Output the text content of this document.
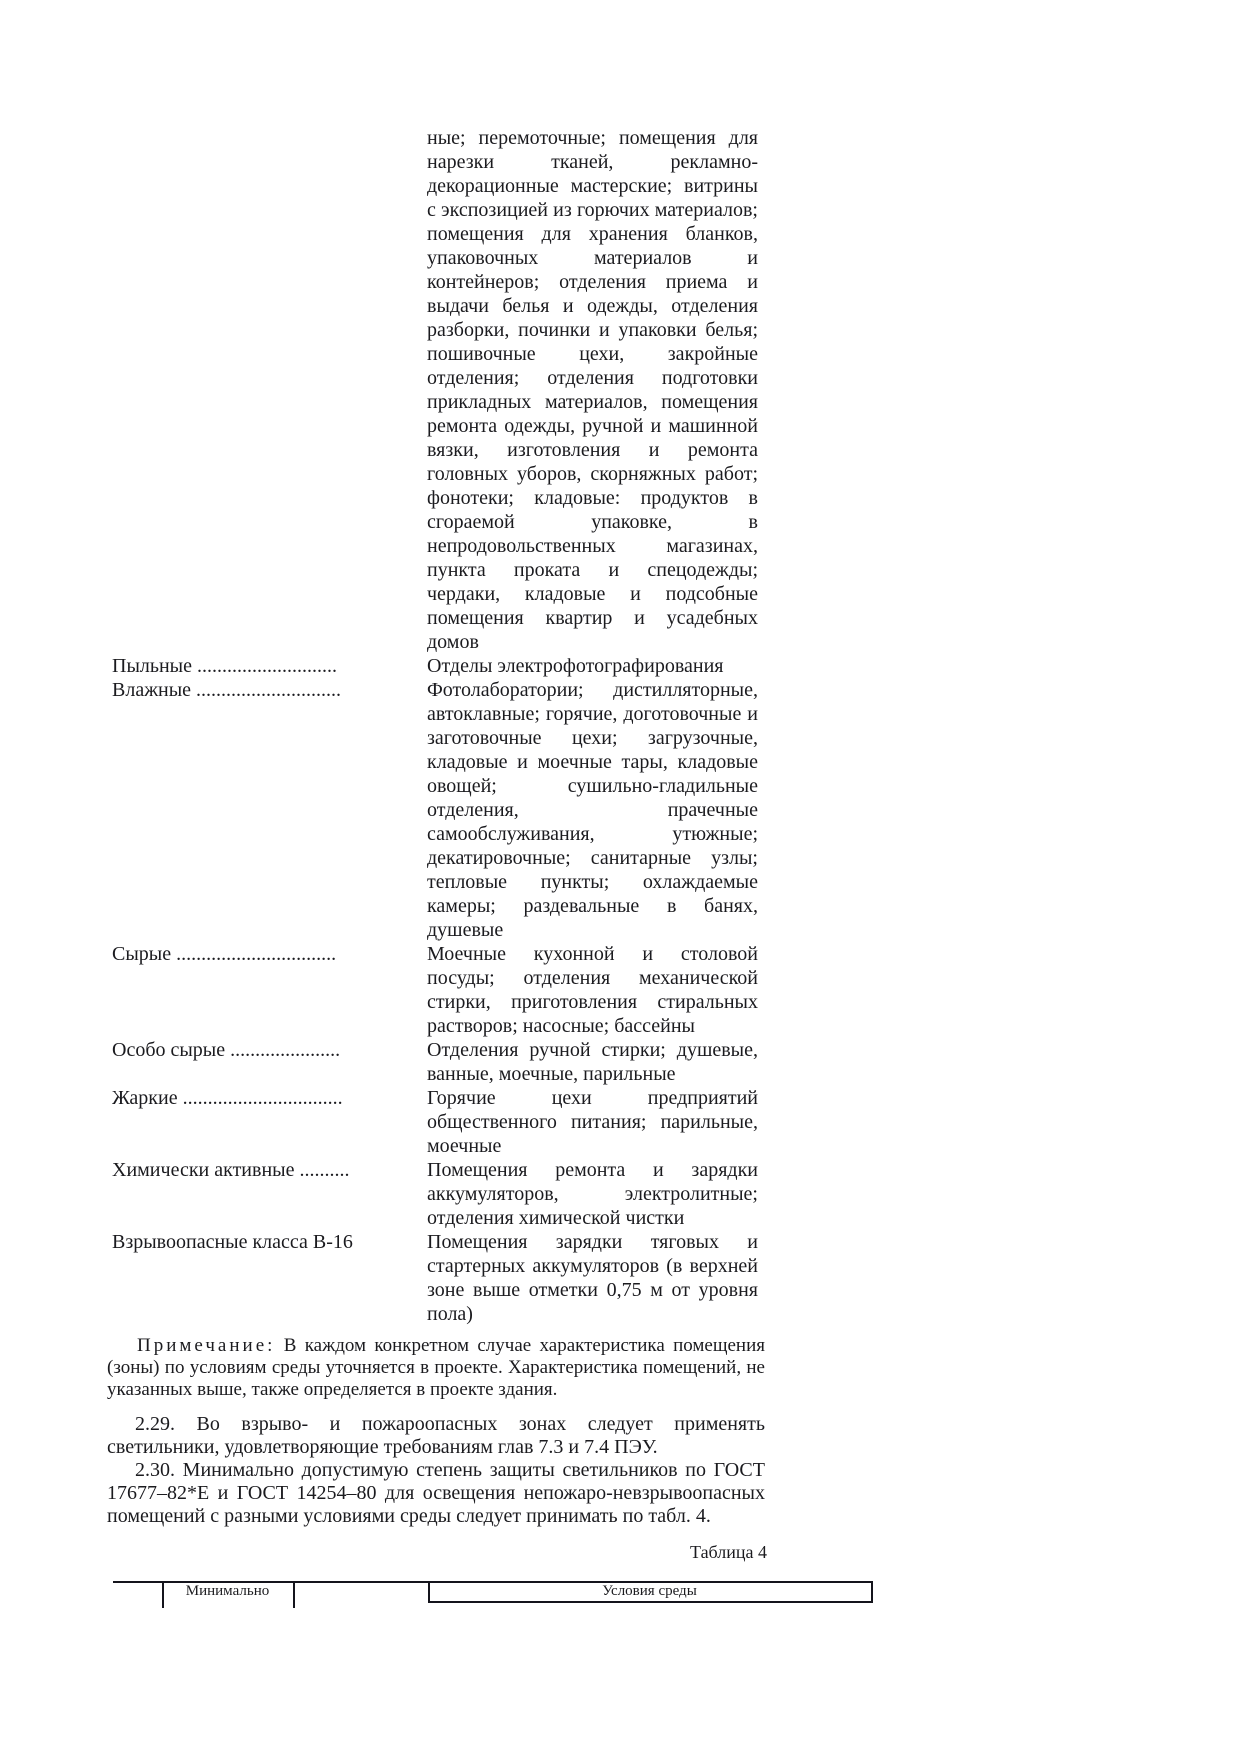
ные; перемоточные; помещения для нарезки тканей, рекламно-декорационные мастерские; витрины с экспозицией из горючих материалов; помещения для хранения бланков, упаковочных материалов и контейнеров; отделения приема и выдачи белья и одежды, отделения разборки, починки и упаковки белья; пошивочные цехи, закройные отделения; отделения подготовки прикладных материалов, помещения ремонта одежды, ручной и машинной вязки, изготовления и ремонта головных уборов, скорняжных работ; фонотеки; кладовые: продуктов в сгораемой упаковке, в непродовольственных магазинах, пункта проката и спецодежды; чердаки, кладовые и подсобные помещения квартир и усадебных домов
Пыльные ............................	Отделы электрофотографирования
Влажные .............................	Фотолаборатории; дистилляторные, автоклавные; горячие, доготовочные и заготовочные цехи; загрузочные, кладовые и моечные тары, кладовые овощей; сушильно-гладильные отделения, прачечные самообслуживания, утюжные; декатировочные; санитарные узлы; тепловые пункты; охлаждаемые камеры; раздевальные в банях, душевые
Сырые ................................	Моечные кухонной и столовой посуды; отделения механической стирки, приготовления стиральных растворов; насосные; бассейны
Особо сырые ......................	Отделения ручной стирки; душевые, ванные, моечные, парильные
Жаркие ................................	Горячие цехи предприятий общественного питания; парильные, моечные
Химически активные ..........	Помещения ремонта и зарядки аккумуляторов, электролитные; отделения химической чистки
Взрывоопасные класса В-16	Помещения зарядки тяговых и стартерных аккумуляторов (в верхней зоне выше отметки 0,75 м от уровня пола)

Примечание: В каждом конкретном случае характеристика помещения (зоны) по условиям среды уточняется в проекте. Характеристика помещений, не указанных выше, также определяется в проекте здания.

2.29. Во взрыво- и пожароопасных зонах следует применять светильники, удовлетворяющие требованиям глав 7.3 и 7.4 ПЭУ.

2.30. Минимально допустимую степень защиты светильников по ГОСТ 17677–82*Е и ГОСТ 14254–80 для освещения непожаро-невзрывоопасных помещений с разными условиями среды следует принимать по табл. 4.

Таблица 4
Минимально	Условия среды
